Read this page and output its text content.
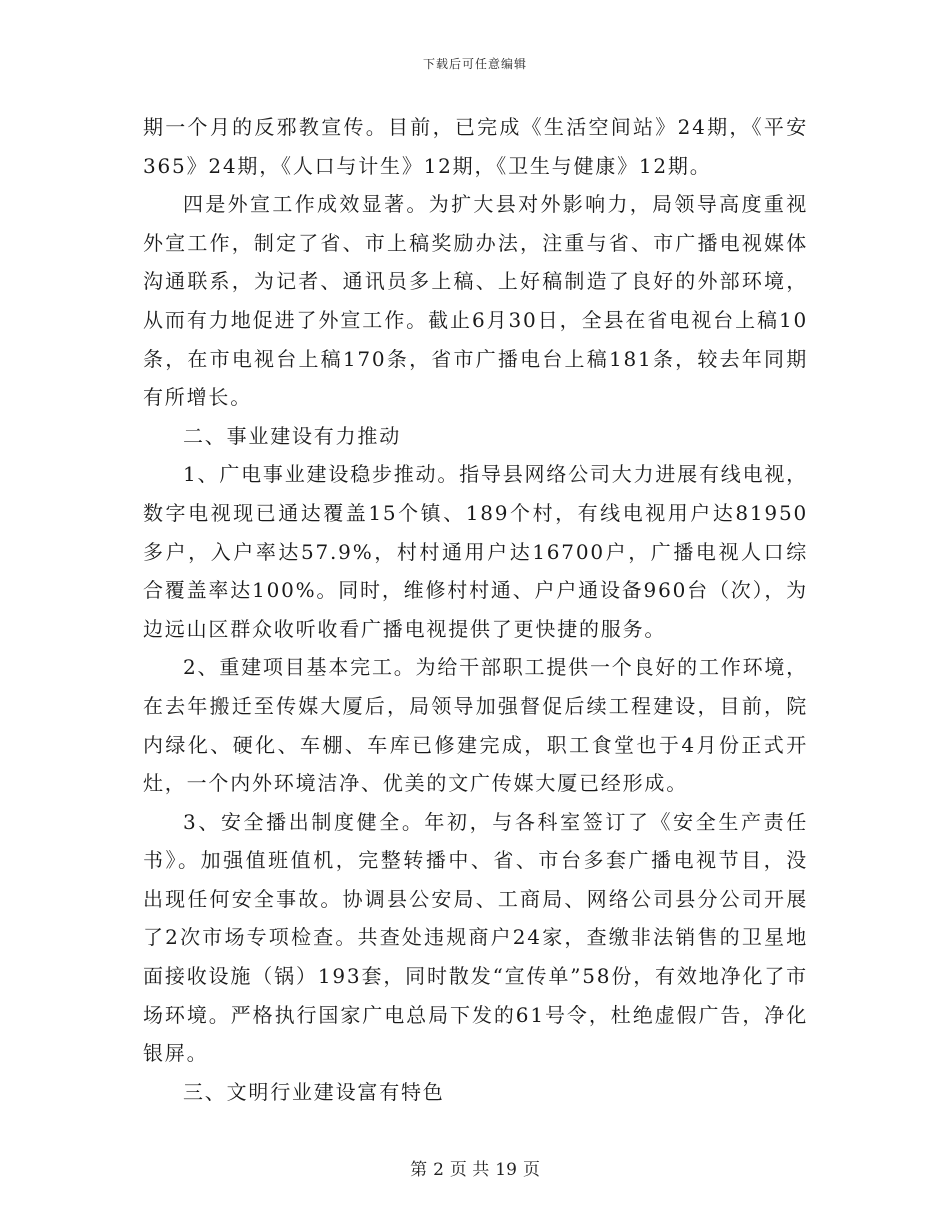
下载后可任意编辑

期一个月的反邪教宣传。目前，已完成《生活空间站》24期，《平安365》24期，《人口与计生》12期，《卫生与健康》12期。

四是外宣工作成效显著。为扩大县对外影响力，局领导高度重视外宣工作，制定了省、市上稿奖励办法，注重与省、市广播电视媒体沟通联系，为记者、通讯员多上稿、上好稿制造了良好的外部环境，从而有力地促进了外宣工作。截止6月30日，全县在省电视台上稿10条，在市电视台上稿170条，省市广播电台上稿181条，较去年同期有所增长。

二、事业建设有力推动

1、广电事业建设稳步推动。指导县网络公司大力进展有线电视，数字电视现已通达覆盖15个镇、189个村，有线电视用户达81950多户，入户率达57.9%，村村通用户达16700户，广播电视人口综合覆盖率达100%。同时，维修村村通、户户通设备960台（次），为边远山区群众收听收看广播电视提供了更快捷的服务。

2、重建项目基本完工。为给干部职工提供一个良好的工作环境，在去年搬迁至传媒大厦后，局领导加强督促后续工程建设，目前，院内绿化、硬化、车棚、车库已修建完成，职工食堂也于4月份正式开灶，一个内外环境洁净、优美的文广传媒大厦已经形成。

3、安全播出制度健全。年初，与各科室签订了《安全生产责任书》。加强值班值机，完整转播中、省、市台多套广播电视节目，没出现任何安全事故。协调县公安局、工商局、网络公司县分公司开展了2次市场专项检查。共查处违规商户24家，查缴非法销售的卫星地面接收设施（锅）193套，同时散发“宣传单”58份，有效地净化了市场环境。严格执行国家广电总局下发的61号令，杜绝虚假广告，净化银屏。

三、文明行业建设富有特色

第 2 页 共 19 页
